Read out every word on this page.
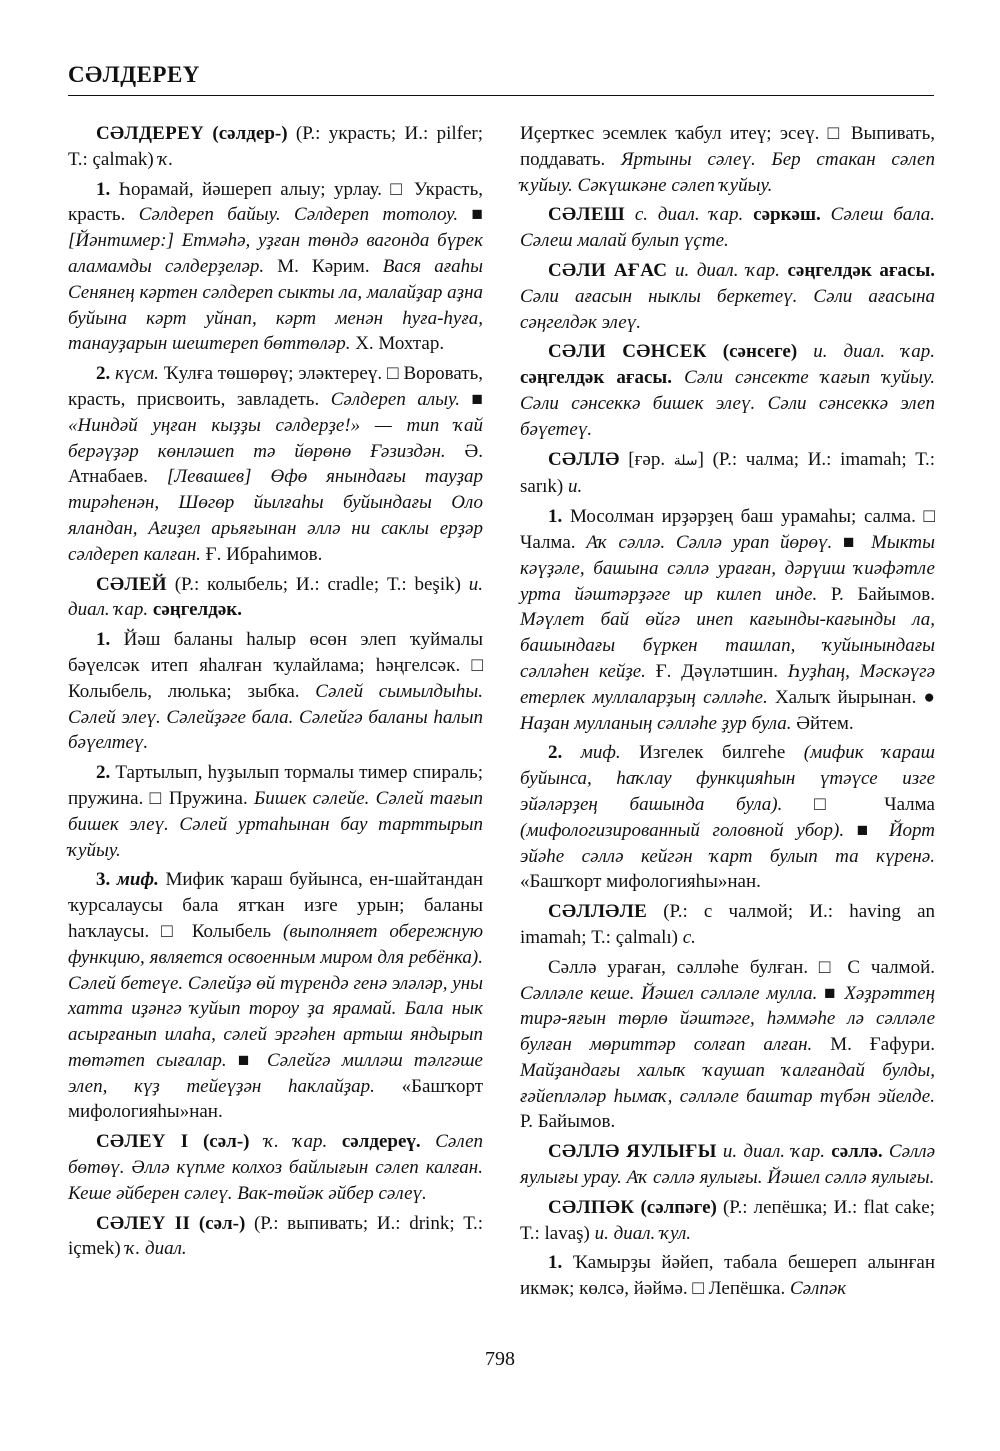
СӘЛДЕРЕҮ

СӘЛДЕРЕҮ (сәлдер-) (Р.: украсть; И.: pilfer; Т.: çalmak) ҡ.

1. Һорамай, йәшереп алыу; урлау. □ Украсть, красть. Сәлдереп байыу. Сәлдереп тотолоу. ■ [Йәнтимер:] Етмәһә, уҙған төндә вагонда бүрек аламамды сәлдерҙеләр. М. Кәрим. Вася ағаһы Сенянең кәртен сәлдереп сыкты ла, малайҙар аҙна буйына кәрт уйнап, кәрт менән һуға-һуға, танауҙарын шештереп бөттөләр. Х. Мохтар.

2. күсм. Ҡулға төшөрөү; эләктереү. □ Воровать, красть, присвоить, завладеть. Сәлдереп алыу. ■ «Ниндәй уңған кыҙҙы сәлдерҙе!» — тип ҡай берәүҙәр көнләшеп тә йөрөнө Ғәзиздән. Ә. Атнабаев. [Левашев] Өфө янындағы тауҙар тирәһенән, Шөгөр йылғаһы буйындағы Оло яландан, Ағиҙел арьяғынан әллә ни саклы ерҙәр сәлдереп калған. Ғ. Ибраһимов.

СӘЛЕЙ (Р.: колыбель; И.: cradle; Т.: beşik) и. диал. ҡар. сәңгелдәк.

1. Йәш баланы һалыр өсөн элеп ҡуймалы бәүелсәк итеп яһалған ҡулайлама; һәңгелсәк. □ Колыбель, люлька; зыбка. Сәлей сымылдыһы. Сәлей элеү. Сәлейҙәге бала. Сәлейгә баланы һалып бәүелтеү.

2. Тартылып, һуҙылып тормалы тимер спираль; пружина. □ Пружина. Бишек сәлейе. Сәлей тағып бишек элеү. Сәлей уртаһынан бау тарттырып ҡуйыу.

3. миф. Мифик ҡараш буйынса, ен-шайтандан ҡурсалаусы бала ятҡан изге урын; баланы һаҡлаусы. □ Колыбель (выполняет обережную функцию, является освоенным миром для ребёнка). Сәлей бетеүе. Сәлейҙә өй түрендә генә эләләр, уны хатта иҙәнгә ҡуйып тороу ҙа ярамай. Бала нык асырғанып илаһа, сәлей эргәһен артыш яндырып төтәтеп сығалар. ■ Сәлейгә милләш тәлгәше элеп, күҙ тейеүҙән һаклайҙар. «Башҡорт мифологияһы»нан.

СӘЛЕҮ I (сәл-) ҡ. ҡар. сәлдереү. Сәлеп бөтөү. Әллә күпме колхоз байлығын сәлеп калған. Кеше әйберен сәлеү. Вак-төйәк әйбер сәлеү.

СӘЛЕҮ II (сәл-) (Р.: выпивать; И.: drink; Т.: içmek) ҡ. диал.

Иҫерткес эсемлек ҡабул итеү; эсеү. □ Выпивать, поддавать. Яртыны сәлеү. Бер стакан сәлеп ҡуйыу. Сәкүшкәне сәлеп ҡуйыу.

СӘЛЕШ с. диал. ҡар. сәркәш. Сәлеш бала. Сәлеш малай булып үҫте.

СӘЛИ АҒАС и. диал. ҡар. сәңгелдәк ағасы. Сәли ағасын ныклы беркетеү. Сәли ағасына сәңгелдәк элеү.

СӘЛИ СӘНСЕК (сәнсеге) и. диал. ҡар. сәңгелдәк ағасы. Сәли сәнсекте ҡағып ҡуйыу. Сәли сәнсеккә бишек элеү. Сәли сәнсеккә элеп бәүетеү.

СӘЛЛӘ [ғәр. سلة] (Р.: чалма; И.: imamah; Т.: sarık) и.

1. Мосолман ирҙәрҙең баш урамаһы; салма. □ Чалма. Аҡ сәллә. Сәллә урап йөрөү. ■ Мыкты кәүҙәле, башына сәллә ураған, дәрүиш ҡиәфәтле урта йәштәрҙәге ир килеп инде. Р. Байымов. Мәүлет бай өйгә инеп кағынды-кағынды ла, башындағы бүркен ташлап, ҡуйынындағы сәлләһен кейҙе. Ғ. Дәүләтшин. Һуҙһаң, Мәскәүгә етерлек муллаларҙың сәлләһе. Халыҡ йырынан. ● Наҙан мулланың сәлләһе ҙур була. Әйтем.

2. миф. Изгелек билгеһе (мифик ҡараш буйынса, һаҡлау функцияһын үтәүсе изге эйәләрҙең башында була). □ Чалма (мифологизированный головной убор). ■ Йорт эйәһе сәллә кейгән ҡарт булып та күренә. «Башҡорт мифологияһы»нан.

СӘЛЛӘЛЕ (Р.: с чалмой; И.: having an imamah; Т.: çalmalı) с.

Сәллә ураған, сәлләһе булған. □ С чалмой. Сәлләле кеше. Йәшел сәлләле мулла. ■ Хәҙрәттең тирә-яғын төрлө йәштәге, һәммәһе лә сәлләле булған мөриттәр солғап алған. М. Ғафури. Майҙандағы халыҡ ҡаушап ҡалғандай булды, ғәйепләләр һымаҡ, сәлләле баштар түбән эйелде. Р. Байымов.

СӘЛЛӘ ЯУЛЫҒЫ и. диал. ҡар. сәллә. Сәллә яулығы урау. Аҡ сәллә яулығы. Йәшел сәллә яулығы.

СӘЛПӘК (сәлпәге) (Р.: лепёшка; И.: flat cake; Т.: lavaş) и. диал. ҡул.

1. Ҡамырҙы йәйеп, табала бешереп алынған икмәк; көлсә, йәймә. □ Лепёшка. Сәлпәк

798
